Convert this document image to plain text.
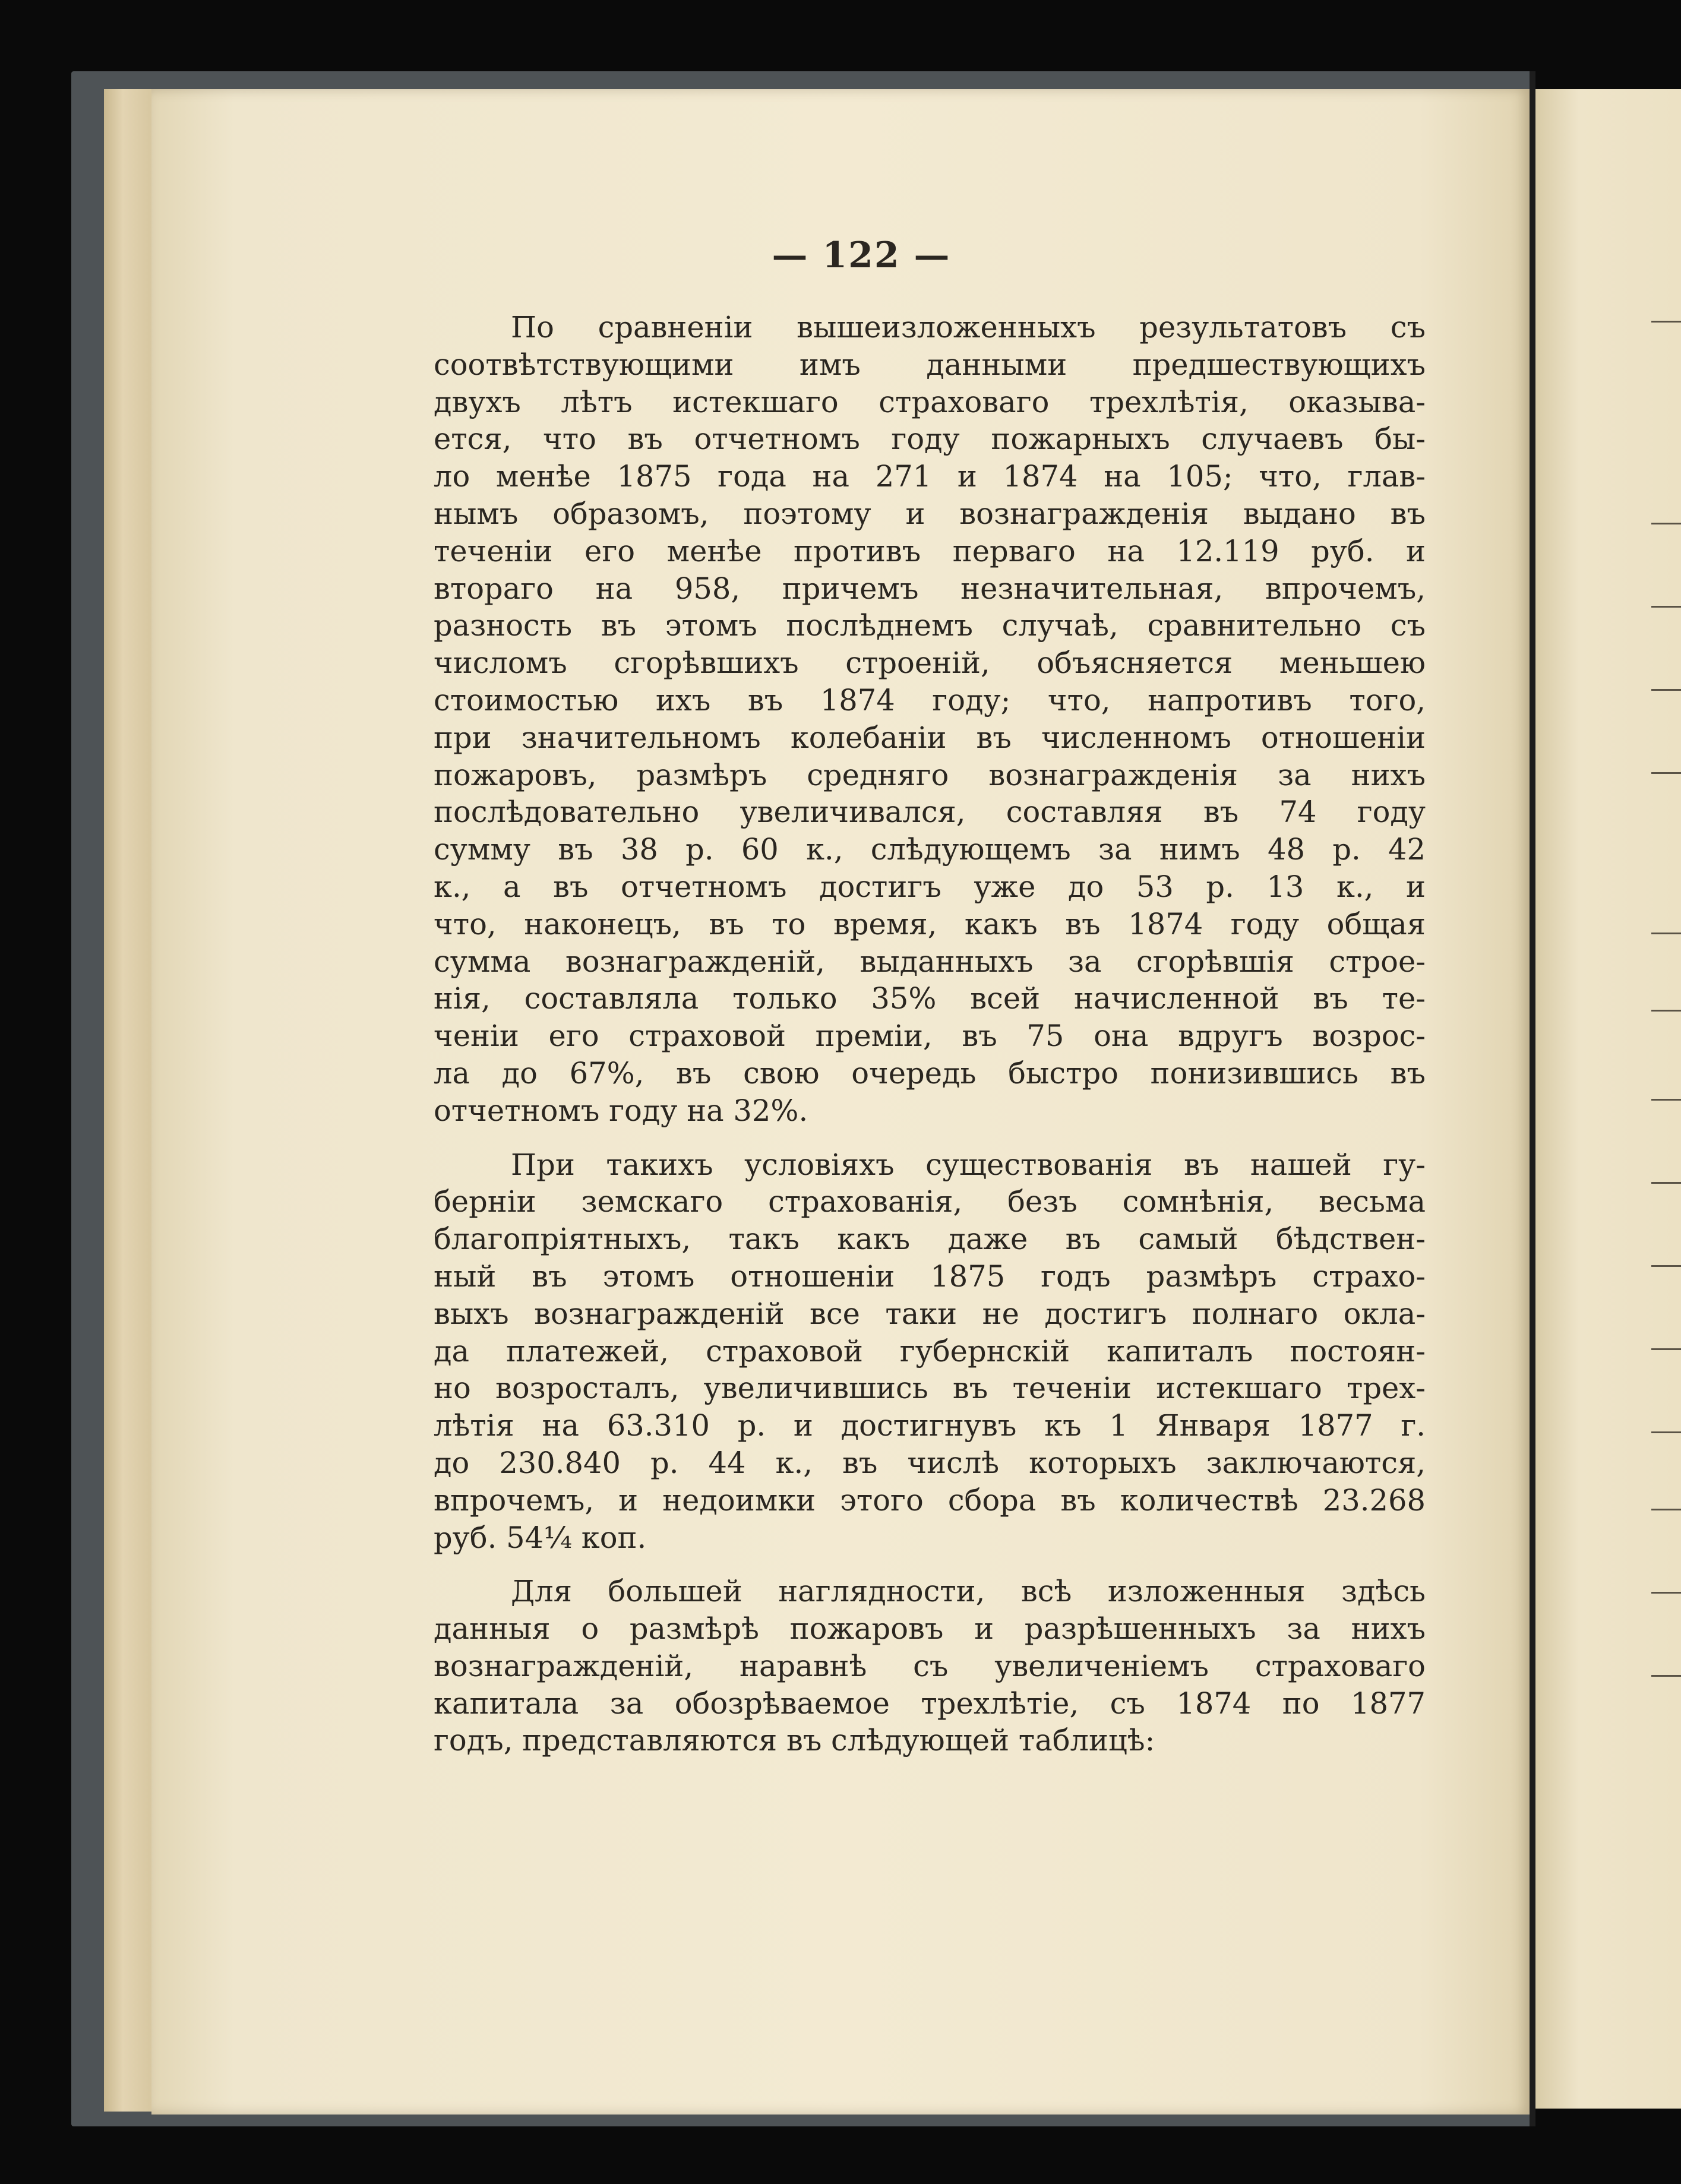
— 122 —
По сравненіи вышеизложенныхъ результатовъ съ
соотвѣтствующими имъ данными предшествующихъ
двухъ лѣтъ истекшаго страховаго трехлѣтія, оказыва-
ется, что въ отчетномъ году пожарныхъ случаевъ бы-
ло менѣе 1875 года на 271 и 1874 на 105; что, глав-
нымъ образомъ, поэтому и вознагражденія выдано въ
теченіи его менѣе противъ перваго на 12.119 руб. и
втораго на 958, причемъ незначительная, впрочемъ,
разность въ этомъ послѣднемъ случаѣ, сравнительно съ
числомъ сгорѣвшихъ строеній, объясняется меньшею
стоимостью ихъ въ 1874 году; что, напротивъ того,
при значительномъ колебаніи въ численномъ отношеніи
пожаровъ, размѣръ средняго вознагражденія за нихъ
послѣдовательно увеличивался, составляя въ 74 году
сумму въ 38 р. 60 к., слѣдующемъ за нимъ 48 р. 42
к., а въ отчетномъ достигъ уже до 53 р. 13 к., и
что, наконецъ, въ то время, какъ въ 1874 году общая
сумма вознагражденій, выданныхъ за сгорѣвшія строе-
нія, составляла только 35% всей начисленной въ те-
ченіи его страховой преміи, въ 75 она вдругъ возрос-
ла до 67%, въ свою очередь быстро понизившись въ
отчетномъ году на 32%.
При такихъ условіяхъ существованія въ нашей гу-
берніи земскаго страхованія, безъ сомнѣнія, весьма
благопріятныхъ, такъ какъ даже въ самый бѣдствен-
ный въ этомъ отношеніи 1875 годъ размѣръ страхо-
выхъ вознагражденій все таки не достигъ полнаго окла-
да платежей, страховой губернскій капиталъ постоян-
но возросталъ, увеличившись въ теченіи истекшаго трех-
лѣтія на 63.310 р. и достигнувъ къ 1 Января 1877 г.
до 230.840 р. 44 к., въ числѣ которыхъ заключаются,
впрочемъ, и недоимки этого сбора въ количествѣ 23.268
руб. 54¼ коп.
Для большей наглядности, всѣ изложенныя здѣсь
данныя о размѣрѣ пожаровъ и разрѣшенныхъ за нихъ
вознагражденій, наравнѣ съ увеличеніемъ страховаго
капитала за обозрѣваемое трехлѣтіе, съ 1874 по 1877
годъ, представляются въ слѣдующей таблицѣ:
